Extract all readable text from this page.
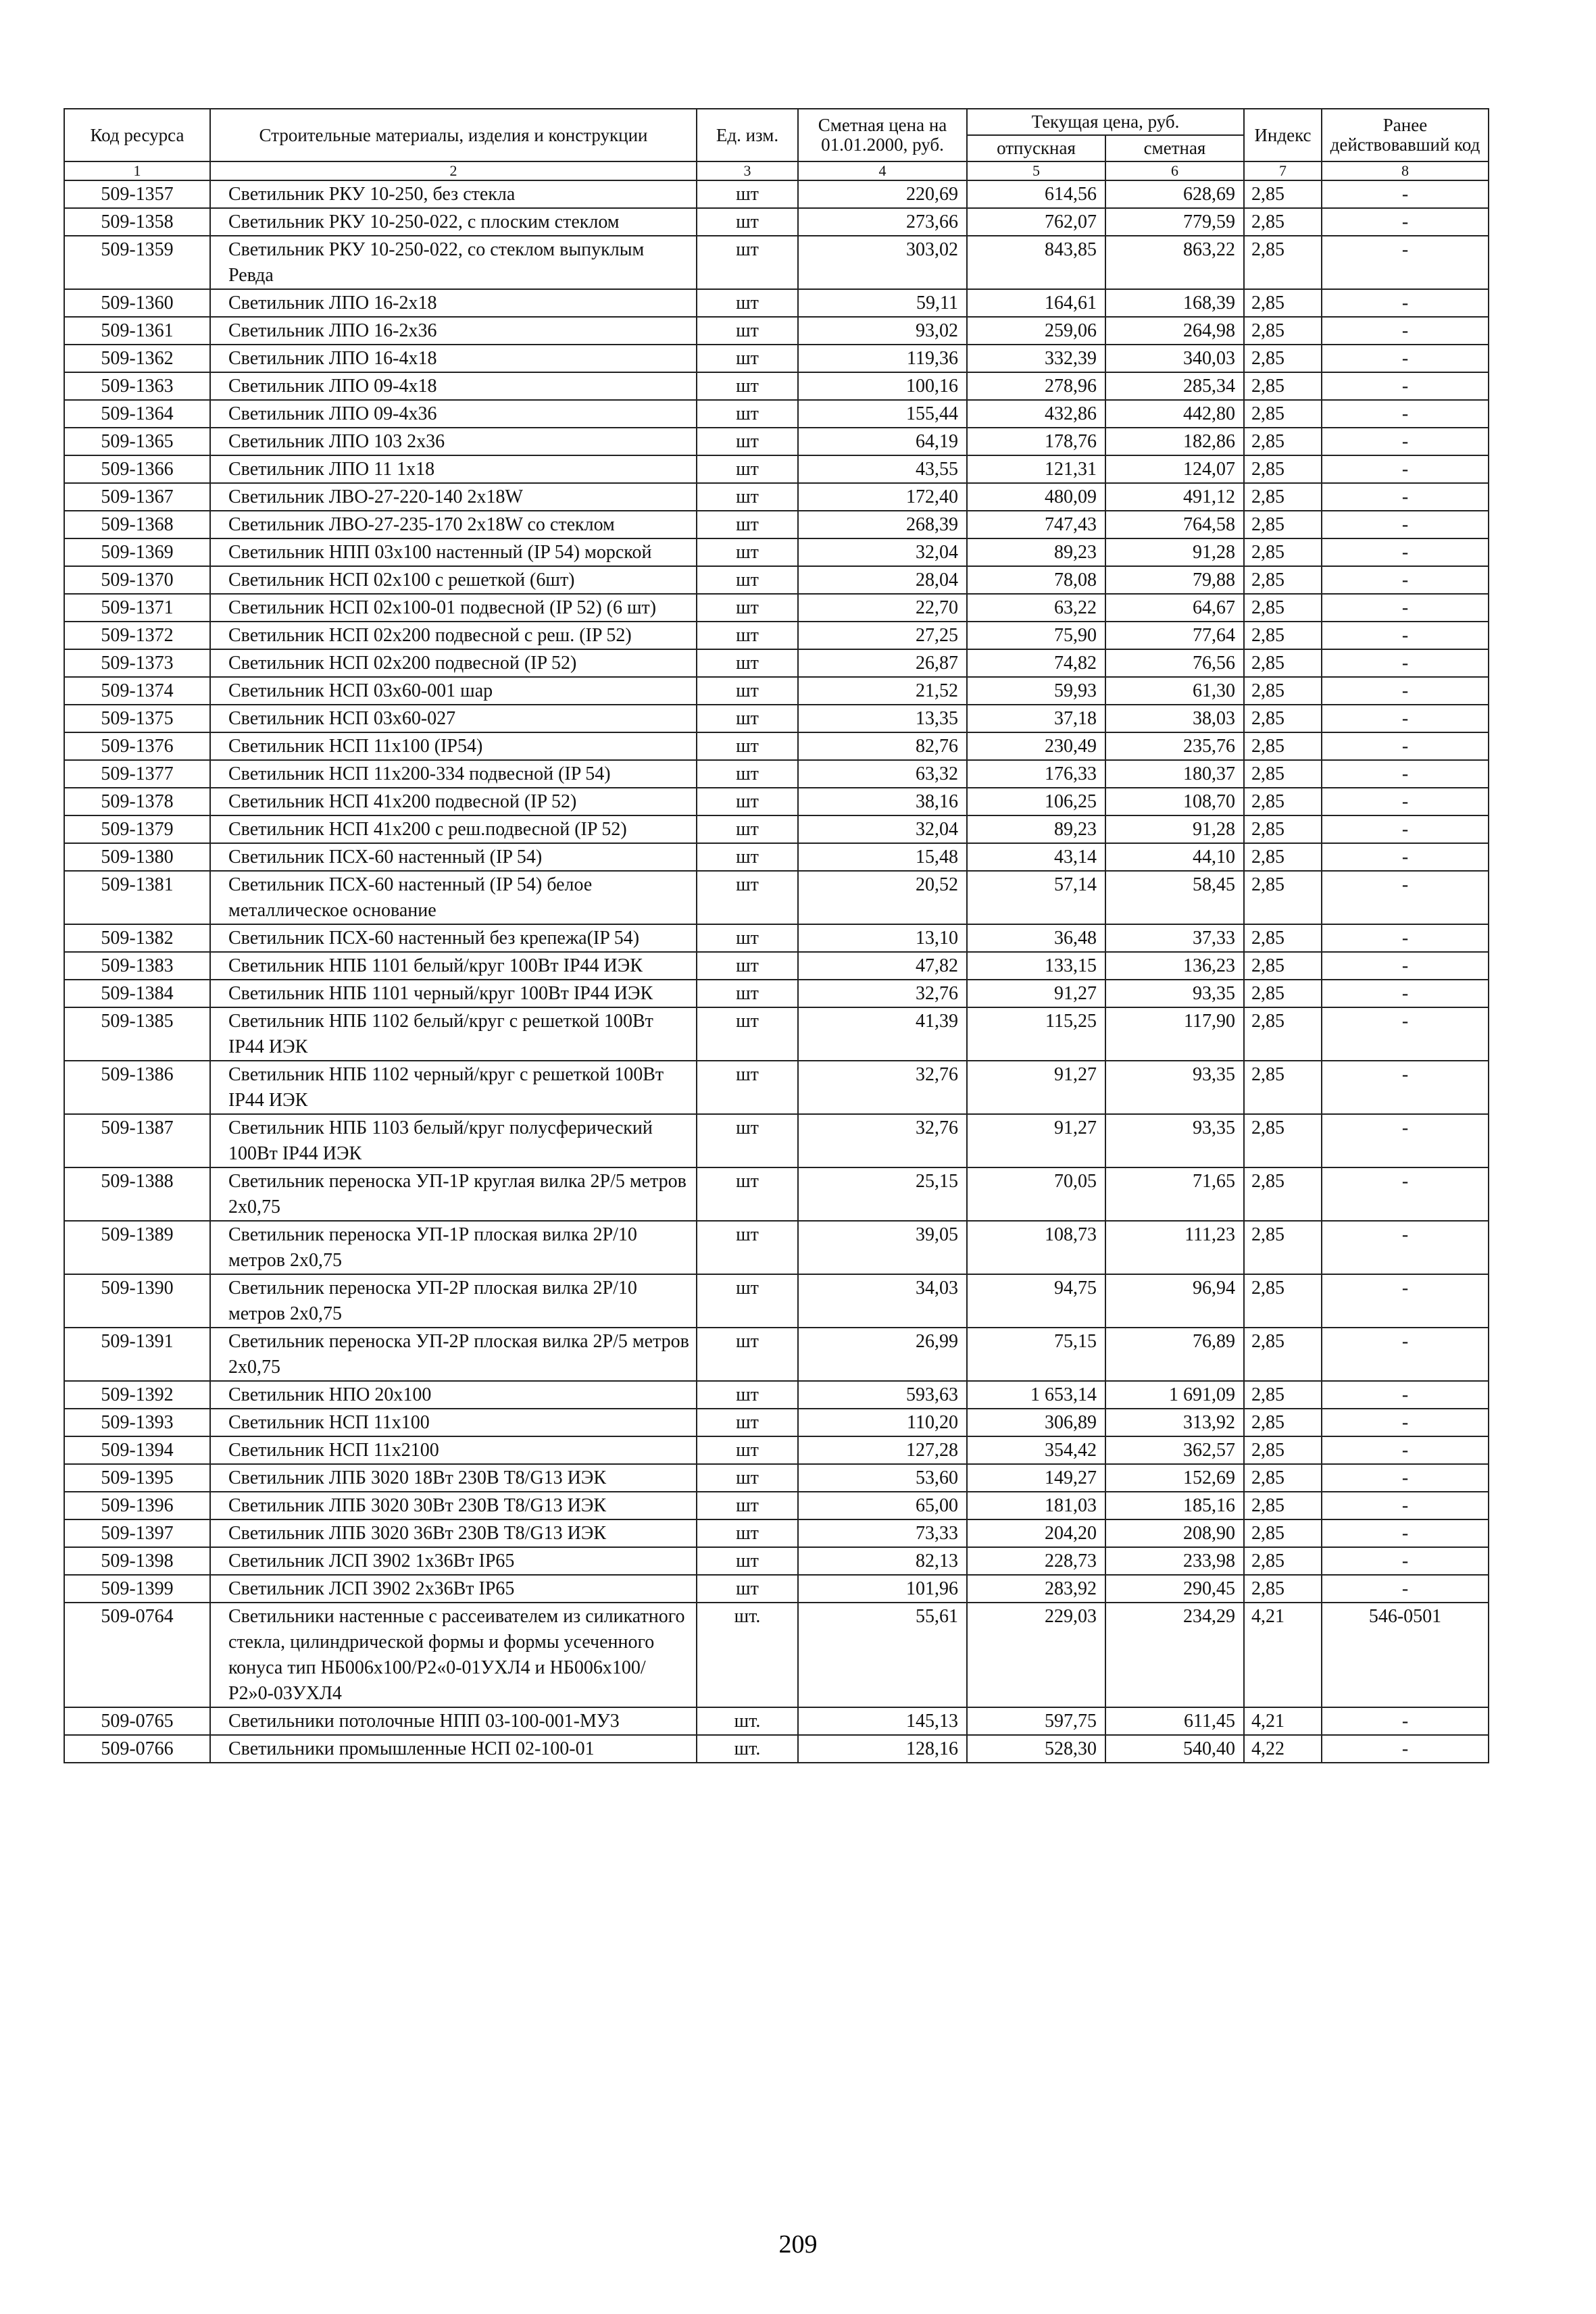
Код ресурса	Строительные материалы, изделия и конструкции	Ед. изм.	Сметная цена на 01.01.2000, руб.	Текущая цена, руб.		Индекс	Ранее действовавший код
				отпускная	сметная		
1	2	3	4	5	6	7	8
509-1357	Светильник РКУ 10-250, без стекла	шт	220,69	614,56	628,69	2,85	-
509-1358	Светильник РКУ 10-250-022, с плоским стеклом	шт	273,66	762,07	779,59	2,85	-
509-1359	Светильник РКУ 10-250-022, со стеклом выпуклым Ревда	шт	303,02	843,85	863,22	2,85	-
509-1360	Светильник ЛПО 16-2x18	шт	59,11	164,61	168,39	2,85	-
509-1361	Светильник ЛПО 16-2x36	шт	93,02	259,06	264,98	2,85	-
509-1362	Светильник ЛПО 16-4x18	шт	119,36	332,39	340,03	2,85	-
509-1363	Светильник ЛПО 09-4x18	шт	100,16	278,96	285,34	2,85	-
509-1364	Светильник ЛПО 09-4x36	шт	155,44	432,86	442,80	2,85	-
509-1365	Светильник ЛПО 103 2x36	шт	64,19	178,76	182,86	2,85	-
509-1366	Светильник ЛПО 11 1x18	шт	43,55	121,31	124,07	2,85	-
509-1367	Светильник ЛВО-27-220-140 2x18W	шт	172,40	480,09	491,12	2,85	-
509-1368	Светильник ЛВО-27-235-170 2x18W со стеклом	шт	268,39	747,43	764,58	2,85	-
509-1369	Светильник НПП 03x100 настенный (IP 54) морской	шт	32,04	89,23	91,28	2,85	-
509-1370	Светильник НСП 02x100 с решеткой (6шт)	шт	28,04	78,08	79,88	2,85	-
509-1371	Светильник НСП 02x100-01 подвесной (IP 52) (6 шт)	шт	22,70	63,22	64,67	2,85	-
509-1372	Светильник НСП 02x200 подвесной с реш. (IP 52)	шт	27,25	75,90	77,64	2,85	-
509-1373	Светильник НСП 02x200 подвесной (IP 52)	шт	26,87	74,82	76,56	2,85	-
509-1374	Светильник НСП 03x60-001 шар	шт	21,52	59,93	61,30	2,85	-
509-1375	Светильник НСП 03x60-027	шт	13,35	37,18	38,03	2,85	-
509-1376	Светильник НСП 11x100 (IP54)	шт	82,76	230,49	235,76	2,85	-
509-1377	Светильник НСП 11x200-334 подвесной (IP 54)	шт	63,32	176,33	180,37	2,85	-
509-1378	Светильник НСП 41x200 подвесной (IP 52)	шт	38,16	106,25	108,70	2,85	-
509-1379	Светильник НСП 41x200 с реш.подвесной (IP 52)	шт	32,04	89,23	91,28	2,85	-
509-1380	Светильник ПСХ-60 настенный (IP 54)	шт	15,48	43,14	44,10	2,85	-
509-1381	Светильник ПСХ-60 настенный (IP 54) белое металлическое основание	шт	20,52	57,14	58,45	2,85	-
509-1382	Светильник ПСХ-60 настенный без крепежа(IP 54)	шт	13,10	36,48	37,33	2,85	-
509-1383	Светильник НПБ 1101 белый/круг 100Вт IP44 ИЭК	шт	47,82	133,15	136,23	2,85	-
509-1384	Светильник НПБ 1101 черный/круг 100Вт IP44 ИЭК	шт	32,76	91,27	93,35	2,85	-
509-1385	Светильник НПБ 1102 белый/круг с решеткой 100Вт IP44 ИЭК	шт	41,39	115,25	117,90	2,85	-
509-1386	Светильник НПБ 1102 черный/круг с решеткой 100Вт IP44 ИЭК	шт	32,76	91,27	93,35	2,85	-
509-1387	Светильник НПБ 1103 белый/круг полусферический 100Вт IP44 ИЭК	шт	32,76	91,27	93,35	2,85	-
509-1388	Светильник переноска УП-1Р круглая вилка 2Р/5 метров 2x0,75	шт	25,15	70,05	71,65	2,85	-
509-1389	Светильник переноска УП-1Р плоская вилка 2Р/10 метров 2x0,75	шт	39,05	108,73	111,23	2,85	-
509-1390	Светильник переноска УП-2Р плоская вилка 2Р/10 метров 2x0,75	шт	34,03	94,75	96,94	2,85	-
509-1391	Светильник переноска УП-2Р плоская вилка 2Р/5 метров 2x0,75	шт	26,99	75,15	76,89	2,85	-
509-1392	Светильник НПО 20x100	шт	593,63	1 653,14	1 691,09	2,85	-
509-1393	Светильник НСП 11x100	шт	110,20	306,89	313,92	2,85	-
509-1394	Светильник НСП 11x2100	шт	127,28	354,42	362,57	2,85	-
509-1395	Светильник ЛПБ 3020 18Вт 230В T8/G13 ИЭК	шт	53,60	149,27	152,69	2,85	-
509-1396	Светильник ЛПБ 3020 30Вт 230В T8/G13 ИЭК	шт	65,00	181,03	185,16	2,85	-
509-1397	Светильник ЛПБ 3020 36Вт 230В T8/G13 ИЭК	шт	73,33	204,20	208,90	2,85	-
509-1398	Светильник ЛСП 3902 1x36Вт IP65	шт	82,13	228,73	233,98	2,85	-
509-1399	Светильник ЛСП 3902 2x36Вт IP65	шт	101,96	283,92	290,45	2,85	-
509-0764	Светильники настенные с рассеивателем из силикатного стекла, цилиндрической формы и формы усеченного конуса тип НБ006x100/Р2«0-01УХЛ4 и НБ006x100/Р2»0-03УХЛ4	шт.	55,61	229,03	234,29	4,21	546-0501
509-0765	Светильники потолочные НПП 03-100-001-МУ3	шт.	145,13	597,75	611,45	4,21	-
509-0766	Светильники промышленные НСП 02-100-01	шт.	128,16	528,30	540,40	4,22	-
209
